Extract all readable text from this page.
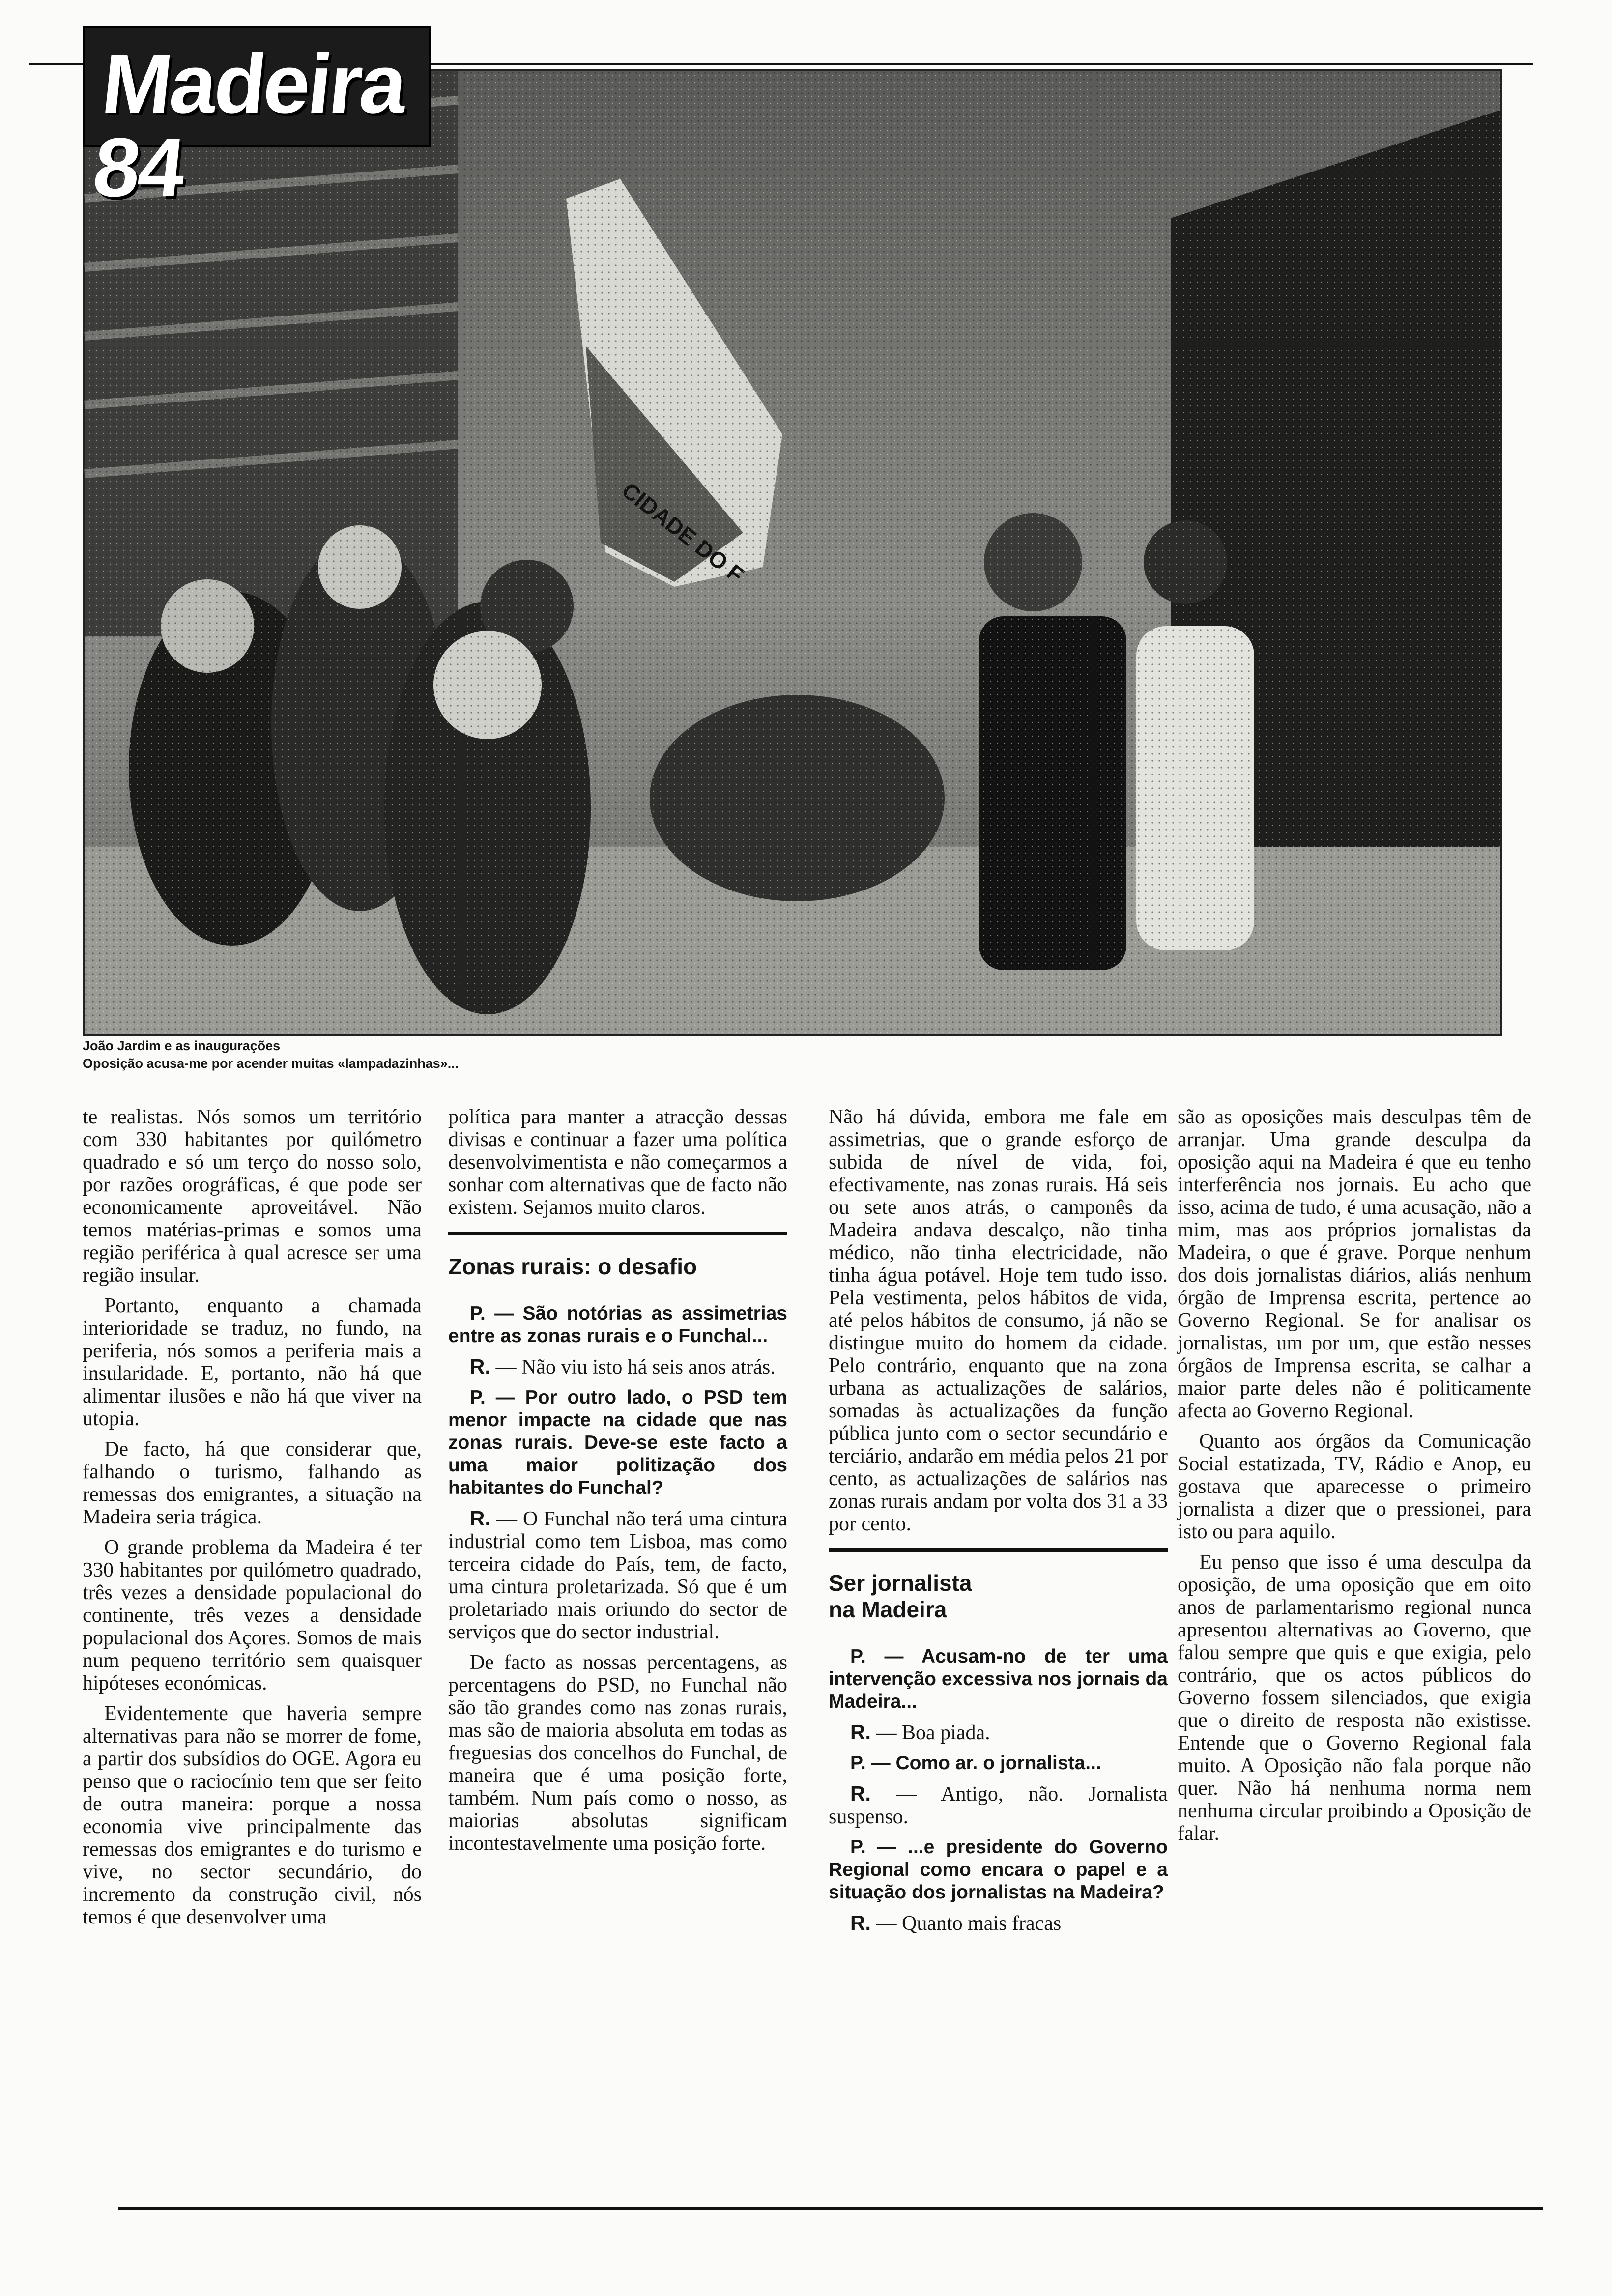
Madeira 84
João Jardim e as inaugurações
Oposição acusa-me por acender muitas «lampadazinhas»...

te realistas. Nós somos um território com 330 habitantes por quilómetro quadrado e só um terço do nosso solo, por razões orográficas, é que pode ser economicamente aproveitável. Não temos matérias-primas e somos uma região periférica à qual acresce ser uma região insular.

Portanto, enquanto a chamada interioridade se traduz, no fundo, na periferia, nós somos a periferia mais a insularidade. E, portanto, não há que alimentar ilusões e não há que viver na utopia.

De facto, há que considerar que, falhando o turismo, falhando as remessas dos emigrantes, a situação na Madeira seria trágica.

O grande problema da Madeira é ter 330 habitantes por quilómetro quadrado, três vezes a densidade populacional do continente, três vezes a densidade populacional dos Açores. Somos de mais num pequeno território sem quaisquer hipóteses económicas.

Evidentemente que haveria sempre alternativas para não se morrer de fome, a partir dos subsídios do OGE. Agora eu penso que o raciocínio tem que ser feito de outra maneira: porque a nossa economia vive principalmente das remessas dos emigrantes e do turismo e vive, no sector secundário, do incremento da construção civil, nós temos é que desenvolver uma

política para manter a atracção dessas divisas e continuar a fazer uma política desenvolvimentista e não começarmos a sonhar com alternativas que de facto não existem. Sejamos muito claros.

Zonas rurais: o desafio

P. — São notórias as assimetrias entre as zonas rurais e o Funchal...

R. — Não viu isto há seis anos atrás.

P. — Por outro lado, o PSD tem menor impacte na cidade que nas zonas rurais. Deve-se este facto a uma maior politização dos habitantes do Funchal?

R. — O Funchal não terá uma cintura industrial como tem Lisboa, mas como terceira cidade do País, tem, de facto, uma cintura proletarizada. Só que é um proletariado mais oriundo do sector de serviços que do sector industrial.

De facto as nossas percentagens, as percentagens do PSD, no Funchal não são tão grandes como nas zonas rurais, mas são de maioria absoluta em todas as freguesias dos concelhos do Funchal, de maneira que é uma posição forte, também. Num país como o nosso, as maiorias absolutas significam incontestavelmente uma posição forte.

Não há dúvida, embora me fale em assimetrias, que o grande esforço de subida de nível de vida, foi, efectivamente, nas zonas rurais. Há seis ou sete anos atrás, o camponês da Madeira andava descalço, não tinha médico, não tinha electricidade, não tinha água potável. Hoje tem tudo isso. Pela vestimenta, pelos hábitos de vida, até pelos hábitos de consumo, já não se distingue muito do homem da cidade. Pelo contrário, enquanto que na zona urbana as actualizações de salários, somadas às actualizações da função pública junto com o sector secundário e terciário, andarão em média pelos 21 por cento, as actualizações de salários nas zonas rurais andam por volta dos 31 a 33 por cento.

Ser jornalista
na Madeira

P. — Acusam-no de ter uma intervenção excessiva nos jornais da Madeira...

R. — Boa piada.

P. — Como ar. o jornalista...

R. — Antigo, não. Jornalista suspenso.

P. — ...e presidente do Governo Regional como encara o papel e a situação dos jornalistas na Madeira?

R. — Quanto mais fracas

são as oposições mais desculpas têm de arranjar. Uma grande desculpa da oposição aqui na Madeira é que eu tenho interferência nos jornais. Eu acho que isso, acima de tudo, é uma acusação, não a mim, mas aos próprios jornalistas da Madeira, o que é grave. Porque nenhum dos dois jornalistas diários, aliás nenhum órgão de Imprensa escrita, pertence ao Governo Regional. Se for analisar os jornalistas, um por um, que estão nesses órgãos de Imprensa escrita, se calhar a maior parte deles não é politicamente afecta ao Governo Regional.

Quanto aos órgãos da Comunicação Social estatizada, TV, Rádio e Anop, eu gostava que aparecesse o primeiro jornalista a dizer que o pressionei, para isto ou para aquilo.

Eu penso que isso é uma desculpa da oposição, de uma oposição que em oito anos de parlamentarismo regional nunca apresentou alternativas ao Governo, que falou sempre que quis e que exigia, pelo contrário, que os actos públicos do Governo fossem silenciados, que exigia que o direito de resposta não existisse. Entende que o Governo Regional fala muito. A Oposição não fala porque não quer. Não há nenhuma norma nem nenhuma circular proibindo a Oposição de falar.
